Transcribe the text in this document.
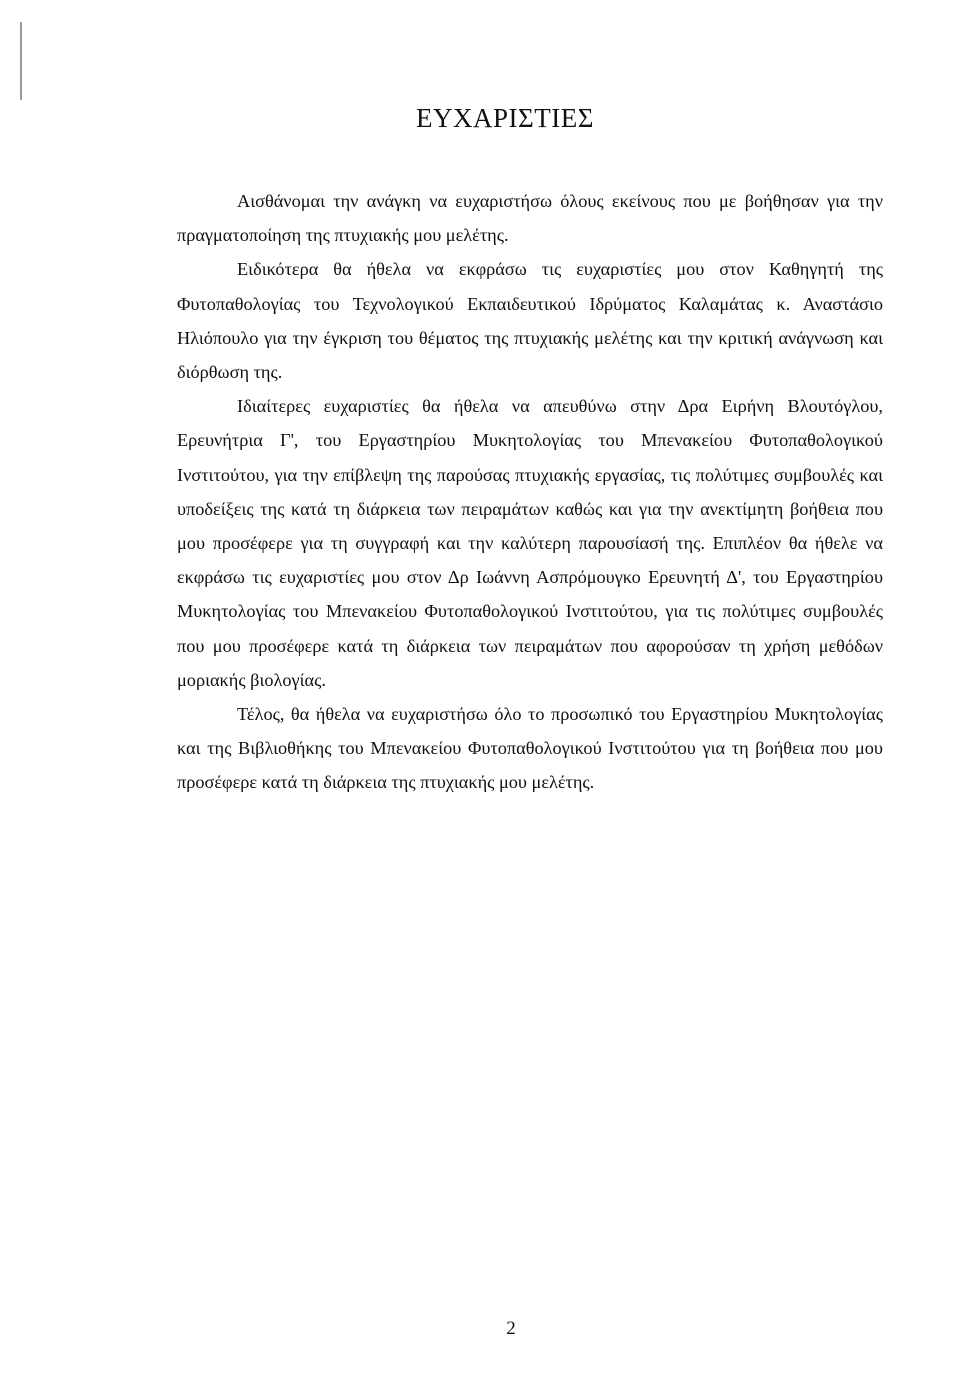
ΕΥΧΑΡΙΣΤΙΕΣ

Αισθάνομαι την ανάγκη να ευχαριστήσω όλους εκείνους που με βοήθησαν για την πραγματοποίηση της πτυχιακής μου μελέτης.

Ειδικότερα θα ήθελα να εκφράσω τις ευχαριστίες μου στον Καθηγητή της Φυτοπαθολογίας του Τεχνολογικού Εκπαιδευτικού Ιδρύματος Καλαμάτας κ. Αναστάσιο Ηλιόπουλο για την έγκριση του θέματος της πτυχιακής μελέτης και την κριτική ανάγνωση και διόρθωση της.

Ιδιαίτερες ευχαριστίες θα ήθελα να απευθύνω στην Δρα Ειρήνη Βλουτόγλου, Ερευνήτρια Γ', του Εργαστηρίου Μυκητολογίας του Μπενακείου Φυτοπαθολογικού Ινστιτούτου, για την επίβλεψη της παρούσας πτυχιακής εργασίας, τις πολύτιμες συμβουλές και υποδείξεις της κατά τη διάρκεια των πειραμάτων καθώς και για την ανεκτίμητη βοήθεια που μου προσέφερε για τη συγγραφή και την καλύτερη παρουσίασή της. Επιπλέον θα ήθελε να εκφράσω τις ευχαριστίες μου στον Δρ Ιωάννη Ασπρόμουγκο Ερευνητή Δ', του Εργαστηρίου Μυκητολογίας του Μπενακείου Φυτοπαθολογικού Ινστιτούτου, για τις πολύτιμες συμβουλές που μου προσέφερε κατά τη διάρκεια των πειραμάτων που αφορούσαν τη χρήση μεθόδων μοριακής βιολογίας.

Τέλος, θα ήθελα να ευχαριστήσω όλο το προσωπικό του Εργαστηρίου Μυκητολογίας και της Βιβλιοθήκης του Μπενακείου Φυτοπαθολογικού Ινστιτούτου για τη βοήθεια που μου προσέφερε κατά τη διάρκεια της πτυχιακής μου μελέτης.

2
